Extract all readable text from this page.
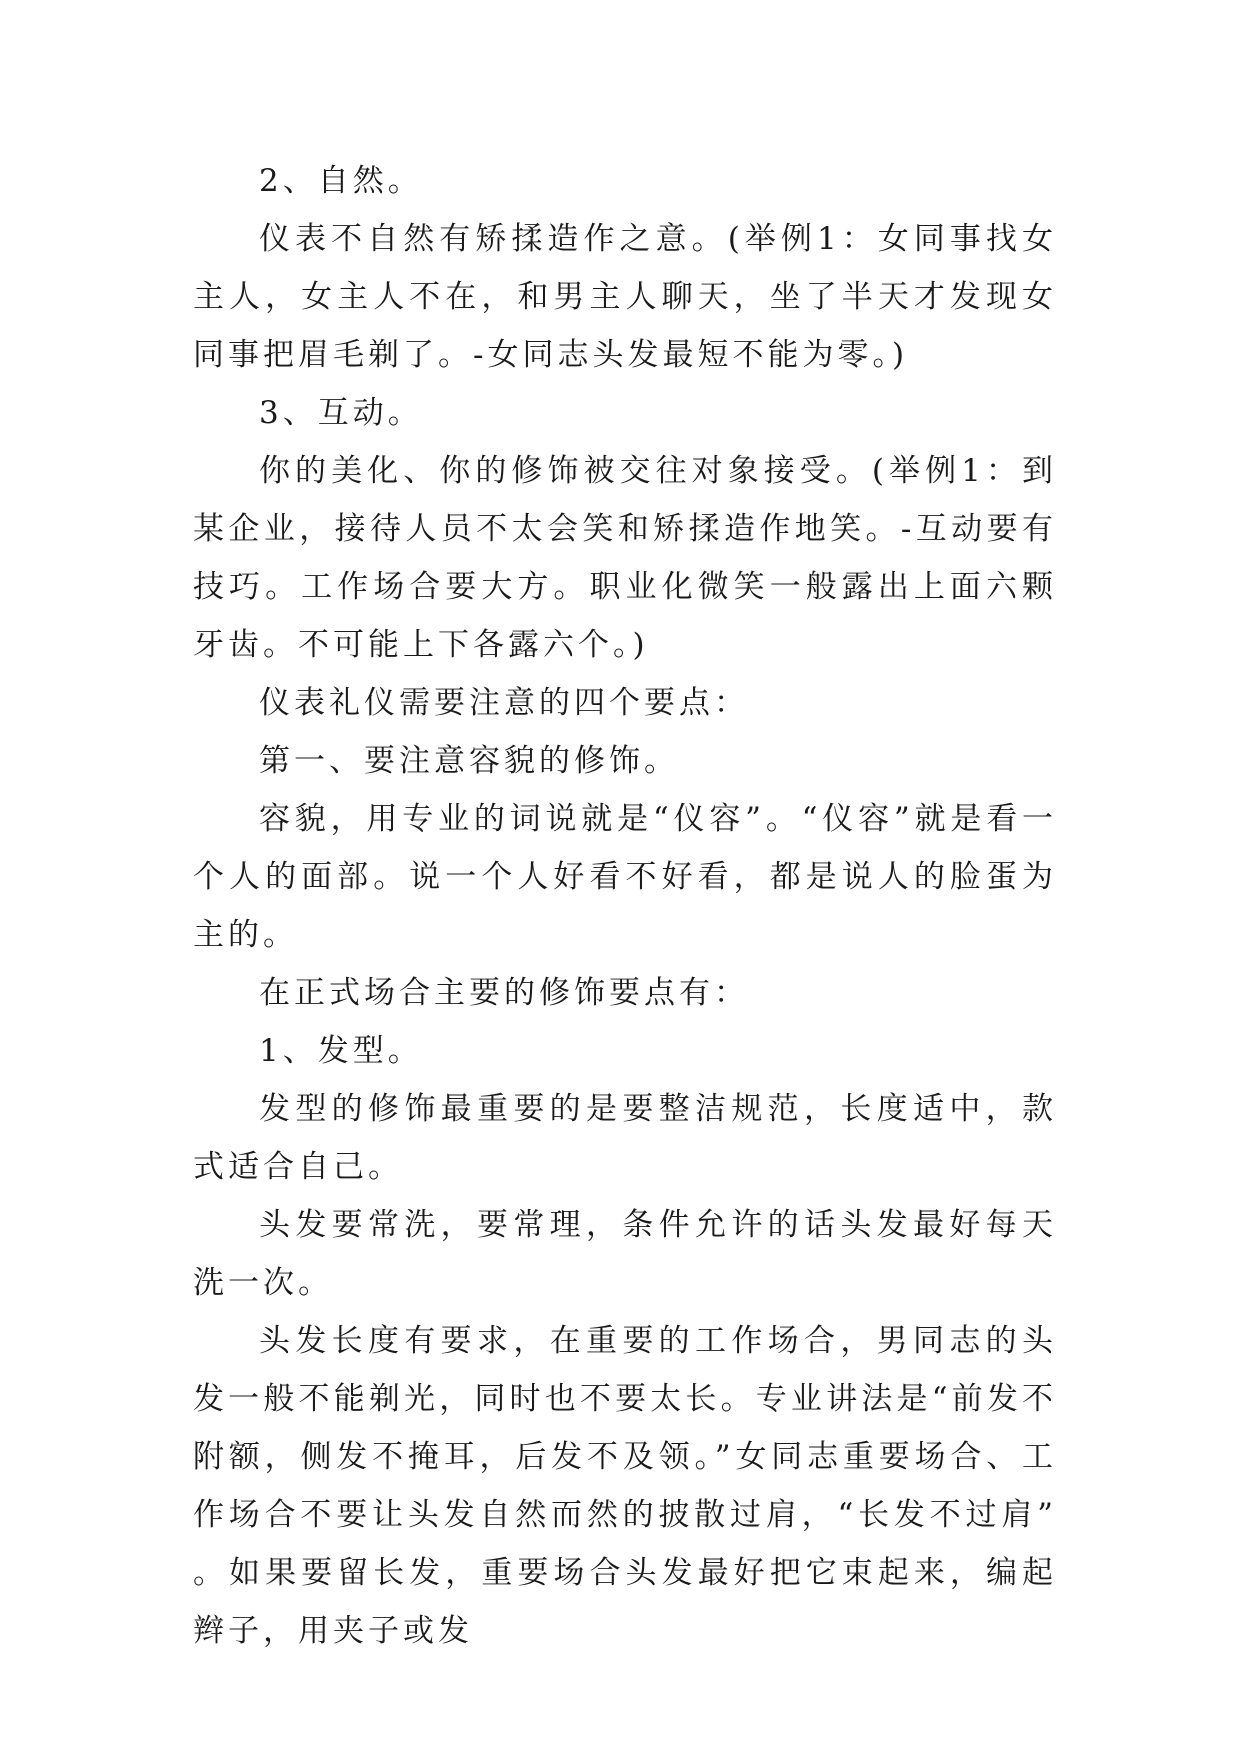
2、自然。

仪表不自然有矫揉造作之意。(举例1：女同事找女主人，女主人不在，和男主人聊天，坐了半天才发现女同事把眉毛剃了。-女同志头发最短不能为零。)

3、互动。

你的美化、你的修饰被交往对象接受。(举例1：到某企业，接待人员不太会笑和矫揉造作地笑。-互动要有技巧。工作场合要大方。职业化微笑一般露出上面六颗牙齿。不可能上下各露六个。)

仪表礼仪需要注意的四个要点：

第一、要注意容貌的修饰。

容貌，用专业的词说就是“仪容”。“仪容”就是看一个人的面部。说一个人好看不好看，都是说人的脸蛋为主的。

在正式场合主要的修饰要点有：

1、发型。

发型的修饰最重要的是要整洁规范，长度适中，款式适合自己。

头发要常洗，要常理，条件允许的话头发最好每天洗一次。

头发长度有要求，在重要的工作场合，男同志的头发一般不能剃光，同时也不要太长。专业讲法是“前发不附额，侧发不掩耳，后发不及领。”女同志重要场合、工作场合不要让头发自然而然的披散过肩，“长发不过肩”。如果要留长发，重要场合头发最好把它束起来，编起辫子，用夹子或发
